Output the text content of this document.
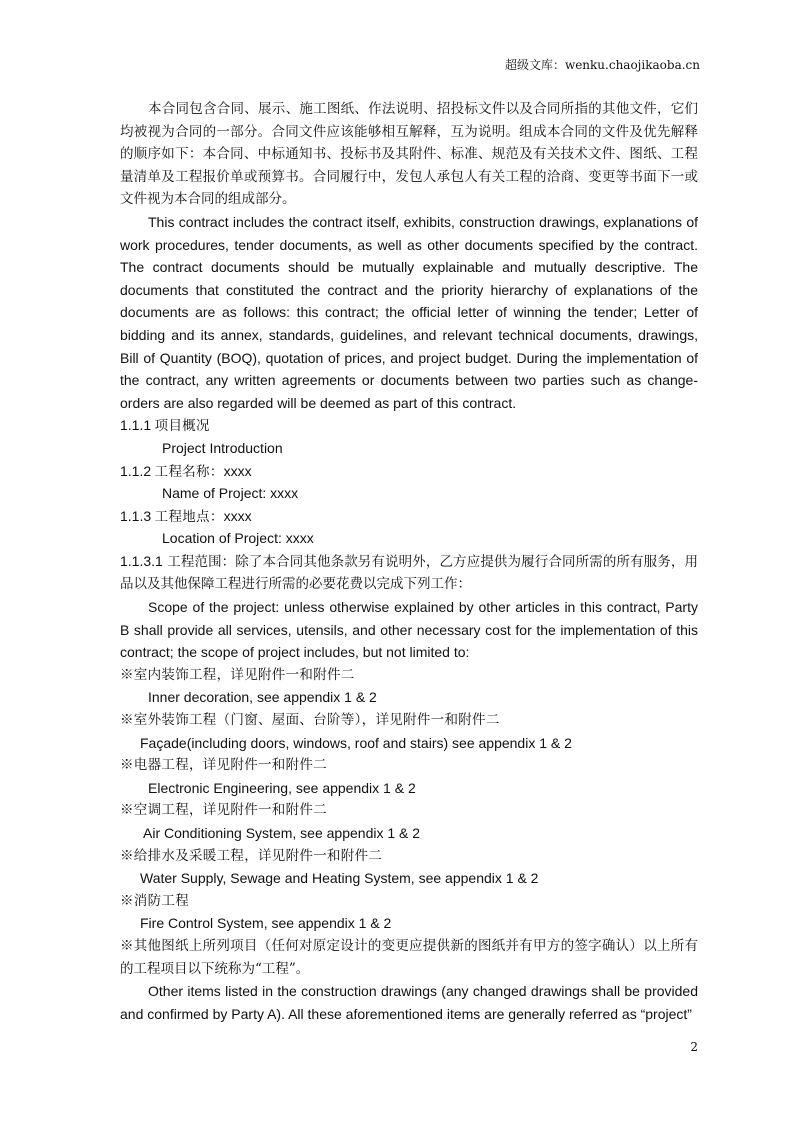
超级文库：wenku.chaojikaoba.cn
本合同包含合同、展示、施工图纸、作法说明、招投标文件以及合同所指的其他文件，它们均被视为合同的一部分。合同文件应该能够相互解释，互为说明。组成本合同的文件及优先解释的顺序如下：本合同、中标通知书、投标书及其附件、标准、规范及有关技术文件、图纸、工程量清单及工程报价单或预算书。合同履行中，发包人承包人有关工程的洽商、变更等书面下一或文件视为本合同的组成部分。
This contract includes the contract itself, exhibits, construction drawings, explanations of work procedures, tender documents, as well as other documents specified by the contract. The contract documents should be mutually explainable and mutually descriptive. The documents that constituted the contract and the priority hierarchy of explanations of the documents are as follows: this contract; the official letter of winning the tender; Letter of bidding and its annex, standards, guidelines, and relevant technical documents, drawings, Bill of Quantity (BOQ), quotation of prices, and project budget. During the implementation of the contract, any written agreements or documents between two parties such as change-orders are also regarded will be deemed as part of this contract.
1.1.1 项目概况
Project Introduction
1.1.2 工程名称：xxxx
Name of Project: xxxx
1.1.3 工程地点：xxxx
Location of Project: xxxx
1.1.3.1 工程范围：除了本合同其他条款另有说明外，乙方应提供为履行合同所需的所有服务，用品以及其他保障工程进行所需的必要花费以完成下列工作：
Scope of the project: unless otherwise explained by other articles in this contract, Party B shall provide all services, utensils, and other necessary cost for the implementation of this contract; the scope of project includes, but not limited to:
※室内装饰工程，详见附件一和附件二
Inner decoration, see appendix 1 & 2
※室外装饰工程（门窗、屋面、台阶等），详见附件一和附件二
Façade(including doors, windows, roof and stairs) see appendix 1 & 2
※电器工程，详见附件一和附件二
Electronic Engineering, see appendix 1 & 2
※空调工程，详见附件一和附件二
Air Conditioning System, see appendix 1 & 2
※给排水及采暖工程，详见附件一和附件二
Water Supply, Sewage and Heating System, see appendix 1 & 2
※消防工程
Fire Control System, see appendix 1 & 2
※其他图纸上所列项目（任何对原定设计的变更应提供新的图纸并有甲方的签字确认）以上所有的工程项目以下统称为“工程”。
Other items listed in the construction drawings (any changed drawings shall be provided and confirmed by Party A). All these aforementioned items are generally referred as “project”
2
